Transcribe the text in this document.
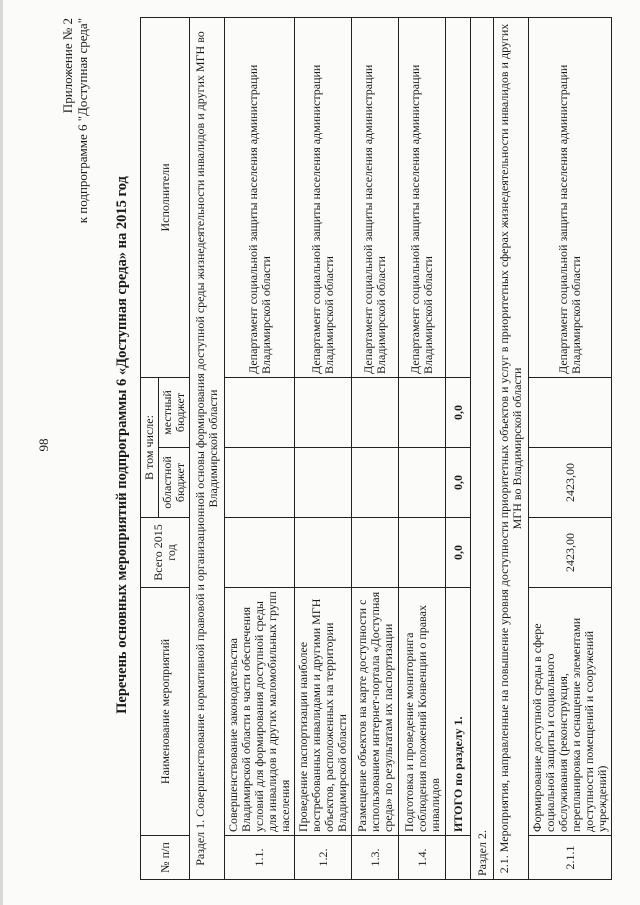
98
Приложение № 2 к подпрограмме 6 "Доступная среда"
Перечень основных мероприятий подпрограммы 6 «Доступная среда» на 2015 год
№ п/п	Наименование мероприятий	Всего 2015 год	В том числе:		Исполнители
			областной бюджет	местный бюджет	
Раздел 1. Совершенствование нормативной правовой и организационной основы формирования доступной среды жизнедеятельности инвалидов и других МГН во Владимирской области					
1.1.	Совершенствование законодательства Владимирской области в части обеспечения условий для формирования доступной среды для инвалидов и других маломобильных групп населения				Департамент социальной защиты населения администрации Владимирской области
1.2.	Проведение паспортизации наиболее востребованных инвалидами и другими МГН объектов, расположенных на территории Владимирской области				Департамент социальной защиты населения администрации Владимирской области
1.3.	Размещение объектов на карте доступности с использованием интернет-портала «Доступная среда» по результатам их паспортизации				Департамент социальной защиты населения администрации Владимирской области
1.4.	Подготовка и проведение мониторинга соблюдения положений Конвенции о правах инвалидов				Департамент социальной защиты населения администрации Владимирской области
	ИТОГО по разделу 1.	0,0	0,0	0,0	
Раздел 2.					
2.1. Мероприятия, направленные на повышение уровня доступности приоритетных объектов и услуг в приоритетных сферах жизнедеятельности инвалидов и других МГН во Владимирской области					
2.1.1	Формирование доступной среды в сфере социальной защиты и социального обслуживания (реконструкция, перепланировка и оснащение элементами доступности помещений и сооружений учреждений)	2423,00	2423,00		Департамент социальной защиты населения администрации Владимирской области
